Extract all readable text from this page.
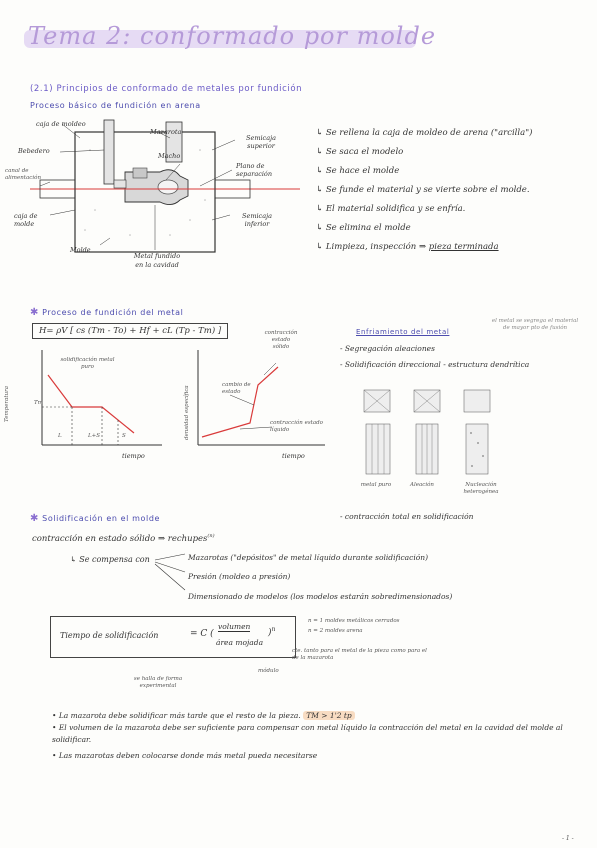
Tema 2: conformado por molde
(2.1) Principios de conformado de metales por fundición
Proceso básico de fundición en arena
caja de moldeo
Bebedero
Mazarota
Semicaja superior
Macho
Plano de separación
canal de alimentación
caja de molde
Semicaja inferior
Molde
Metal fundido en la cavidad
↳ Se rellena la caja de moldeo de arena ("arcilla")
↳ Se saca el modelo
↳ Se hace el molde
↳ Se funde el material y se vierte sobre el molde.
↳ El material solidifica y se enfría.
↳ Se elimina el molde
↳ Limpieza, inspección ⇒ pieza terminada
✱ Proceso de fundición del metal
H= ρV [ cs (Tm - To) + Hf + cL (Tp - Tm) ]
Temperatura
solidificación metal puro
Tm
L	L+S	S
tiempo
densidad específica
contracción estado sólido
cambio de estado
contracción estado líquido
tiempo
Enfriamiento del metal
el metal se segrega el material de mayor pto de fusión
- Segregación aleaciones
- Solidificación direccional - estructura dendrítica
metal puro	Aleación	Nucleación heterogénea
- contracción total en solidificación
✱ Solidificación en el molde
contracción en estado sólido ⇒ rechupes$^{(n)}$
↳ Se compensa con	Mazarotas ("depósitos" de metal líquido durante solidificación)
Presión (moldeo a presión)
Dimensionado de modelos (los modelos estarán sobredimensionados)
Tiempo de solidificación	= C (
volumen
área mojada
)$^n$
n = 1 moldes metálicos cerrados
n = 2 moldes arena
cte. tanto para el metal de la pieza como para el de la mazarota
se halla de forma experimental
módulo
• La mazarota debe solidificar más tarde que el resto de la pieza. TM > 1'2 tp
• El volumen de la mazarota debe ser suficiente para compensar con metal líquido la contracción del metal en la cavidad del molde al solidificar.
• Las mazarotas deben colocarse donde más metal pueda necesitarse
- 1 -
